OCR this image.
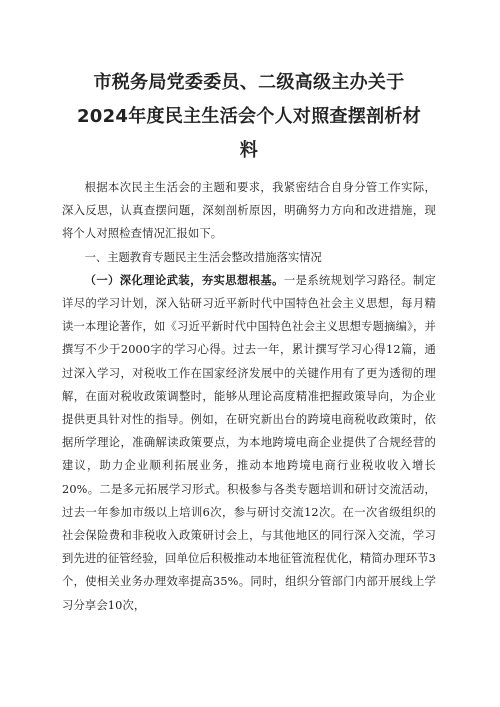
市税务局党委委员、二级高级主办关于
2024年度民主生活会个人对照查摆剖析材
料

根据本次民主生活会的主题和要求，我紧密结合自身分管工作实际，深入反思，认真查摆问题，深刻剖析原因，明确努力方向和改进措施，现将个人对照检查情况汇报如下。

一、主题教育专题民主生活会整改措施落实情况

（一）深化理论武装，夯实思想根基。一是系统规划学习路径。制定详尽的学习计划，深入钻研习近平新时代中国特色社会主义思想，每月精读一本理论著作，如《习近平新时代中国特色社会主义思想专题摘编》，并撰写不少于2000字的学习心得。过去一年，累计撰写学习心得12篇，通过深入学习，对税收工作在国家经济发展中的关键作用有了更为透彻的理解，在面对税收政策调整时，能够从理论高度精准把握政策导向，为企业提供更具针对性的指导。例如，在研究新出台的跨境电商税收政策时，依据所学理论，准确解读政策要点，为本地跨境电商企业提供了合规经营的建议，助力企业顺利拓展业务，推动本地跨境电商行业税收收入增长20%。二是多元拓展学习形式。积极参与各类专题培训和研讨交流活动，过去一年参加市级以上培训6次，参与研讨交流12次。在一次省级组织的社会保险费和非税收入政策研讨会上，与其他地区的同行深入交流，学习到先进的征管经验，回单位后积极推动本地征管流程优化，精简办理环节3个，使相关业务办理效率提高35%。同时，组织分管部门内部开展线上学习分享会10次，
